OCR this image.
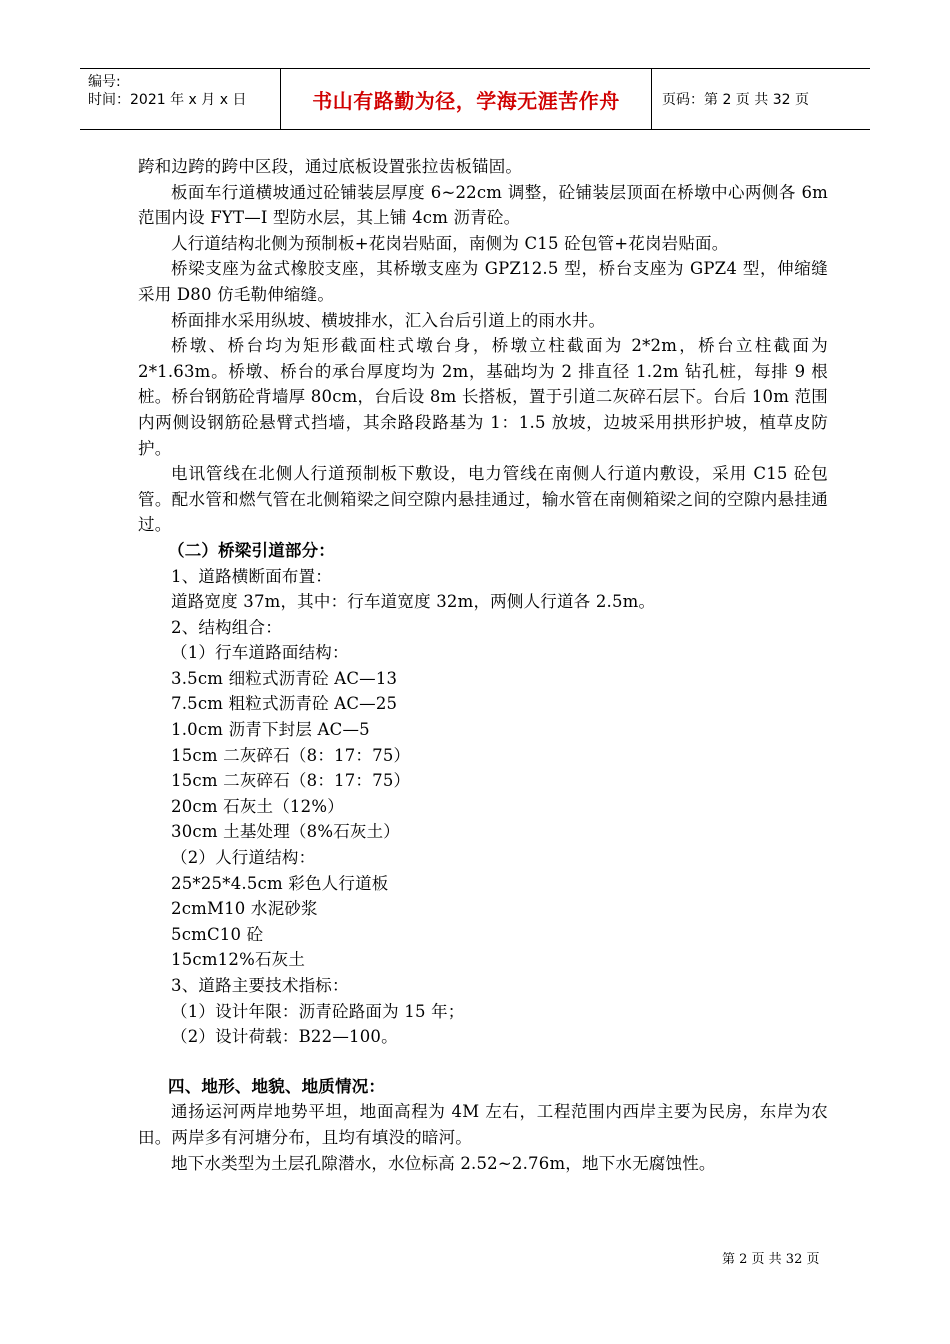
编号:
时间：2021 年 x 月 x 日	书山有路勤为径，学海无涯苦作舟	页码：第 2 页 共 32 页

跨和边跨的跨中区段，通过底板设置张拉齿板锚固。

板面车行道横坡通过砼铺装层厚度 6~22cm 调整，砼铺装层顶面在桥墩中心两侧各 6m 范围内设 FYT—I 型防水层，其上铺 4cm 沥青砼。

人行道结构北侧为预制板+花岗岩贴面，南侧为 C15 砼包管+花岗岩贴面。

桥梁支座为盆式橡胶支座，其桥墩支座为 GPZ12.5 型，桥台支座为 GPZ4 型，伸缩缝采用 D80 仿毛勒伸缩缝。

桥面排水采用纵坡、横坡排水，汇入台后引道上的雨水井。

桥墩、桥台均为矩形截面柱式墩台身，桥墩立柱截面为 2*2m，桥台立柱截面为 2*1.63m。桥墩、桥台的承台厚度均为 2m，基础均为 2 排直径 1.2m 钻孔桩，每排 9 根桩。桥台钢筋砼背墙厚 80cm，台后设 8m 长搭板，置于引道二灰碎石层下。台后 10m 范围内两侧设钢筋砼悬臂式挡墙，其余路段路基为 1：1.5 放坡，边坡采用拱形护坡，植草皮防护。

电讯管线在北侧人行道预制板下敷设，电力管线在南侧人行道内敷设，采用 C15 砼包管。配水管和燃气管在北侧箱梁之间空隙内悬挂通过，输水管在南侧箱梁之间的空隙内悬挂通过。

（二）桥梁引道部分：

1、道路横断面布置：

道路宽度 37m，其中：行车道宽度 32m，两侧人行道各 2.5m。

2、结构组合：

（1）行车道路面结构：

3.5cm 细粒式沥青砼 AC—13

7.5cm 粗粒式沥青砼 AC—25

1.0cm 沥青下封层 AC—5

15cm 二灰碎石（8：17：75）

15cm 二灰碎石（8：17：75）

20cm 石灰土（12%）

30cm 土基处理（8%石灰土）

（2）人行道结构：

25*25*4.5cm 彩色人行道板

2cmM10 水泥砂浆

5cmC10 砼

15cm12%石灰土

3、道路主要技术指标：

（1）设计年限：沥青砼路面为 15 年；

（2）设计荷载：B22—100。

四、地形、地貌、地质情况：

通扬运河两岸地势平坦，地面高程为 4M 左右，工程范围内西岸主要为民房，东岸为农田。两岸多有河塘分布，且均有填没的暗河。

地下水类型为土层孔隙潜水，水位标高 2.52~2.76m，地下水无腐蚀性。

第 2 页 共 32 页
